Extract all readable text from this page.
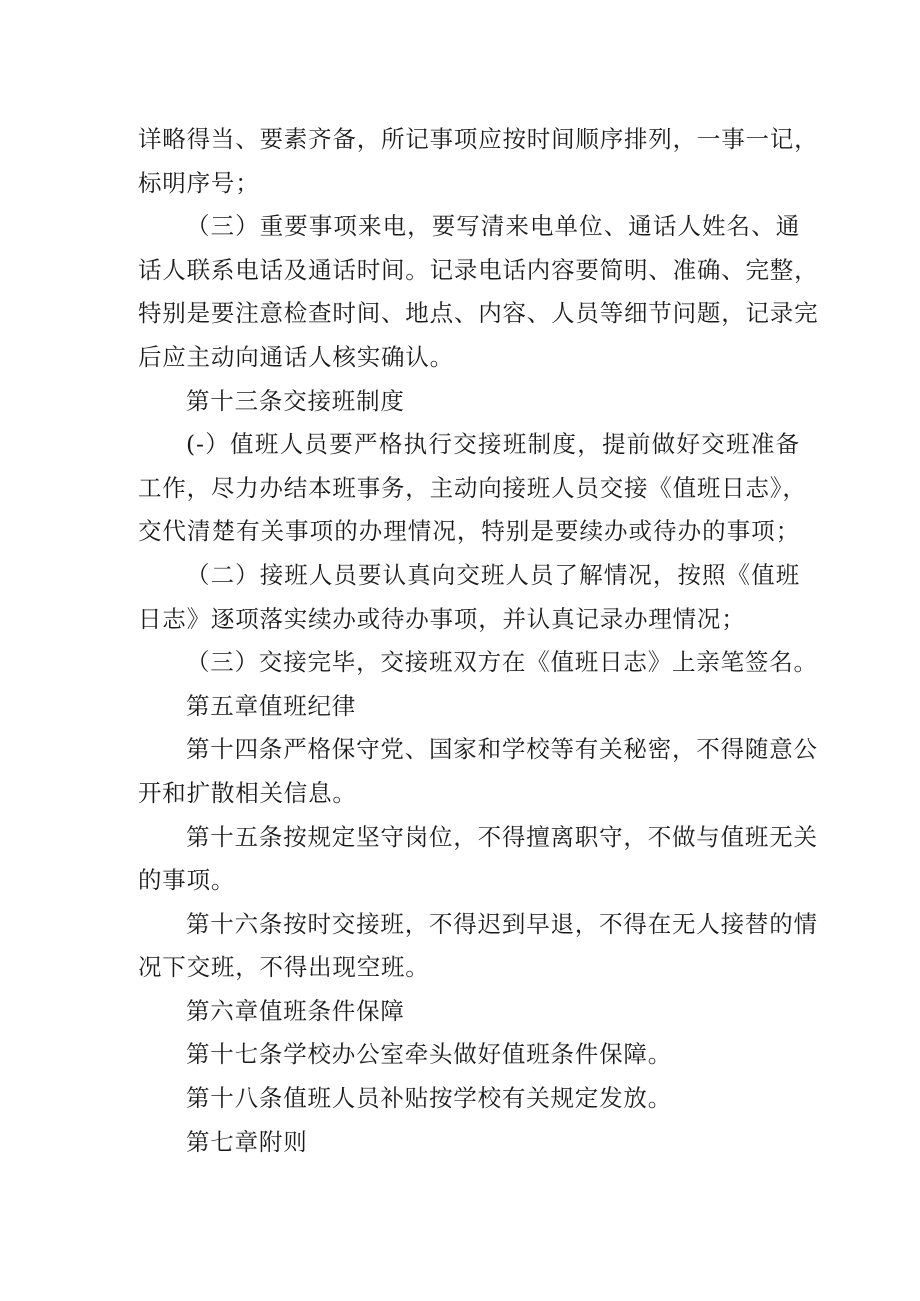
详略得当、要素齐备，所记事项应按时间顺序排列，一事一记，
标明序号；
（三）重要事项来电，要写清来电单位、通话人姓名、通
话人联系电话及通话时间。记录电话内容要简明、准确、完整，
特别是要注意检查时间、地点、内容、人员等细节问题，记录完
后应主动向通话人核实确认。
第十三条交接班制度
(-）值班人员要严格执行交接班制度，提前做好交班准备
工作，尽力办结本班事务，主动向接班人员交接《值班日志》，
交代清楚有关事项的办理情况，特别是要续办或待办的事项；
（二）接班人员要认真向交班人员了解情况，按照《值班
日志》逐项落实续办或待办事项，并认真记录办理情况；
（三）交接完毕，交接班双方在《值班日志》上亲笔签名。
第五章值班纪律
第十四条严格保守党、国家和学校等有关秘密，不得随意公
开和扩散相关信息。
第十五条按规定坚守岗位，不得擅离职守，不做与值班无关
的事项。
第十六条按时交接班，不得迟到早退，不得在无人接替的情
况下交班，不得出现空班。
第六章值班条件保障
第十七条学校办公室牵头做好值班条件保障。
第十八条值班人员补贴按学校有关规定发放。
第七章附则
